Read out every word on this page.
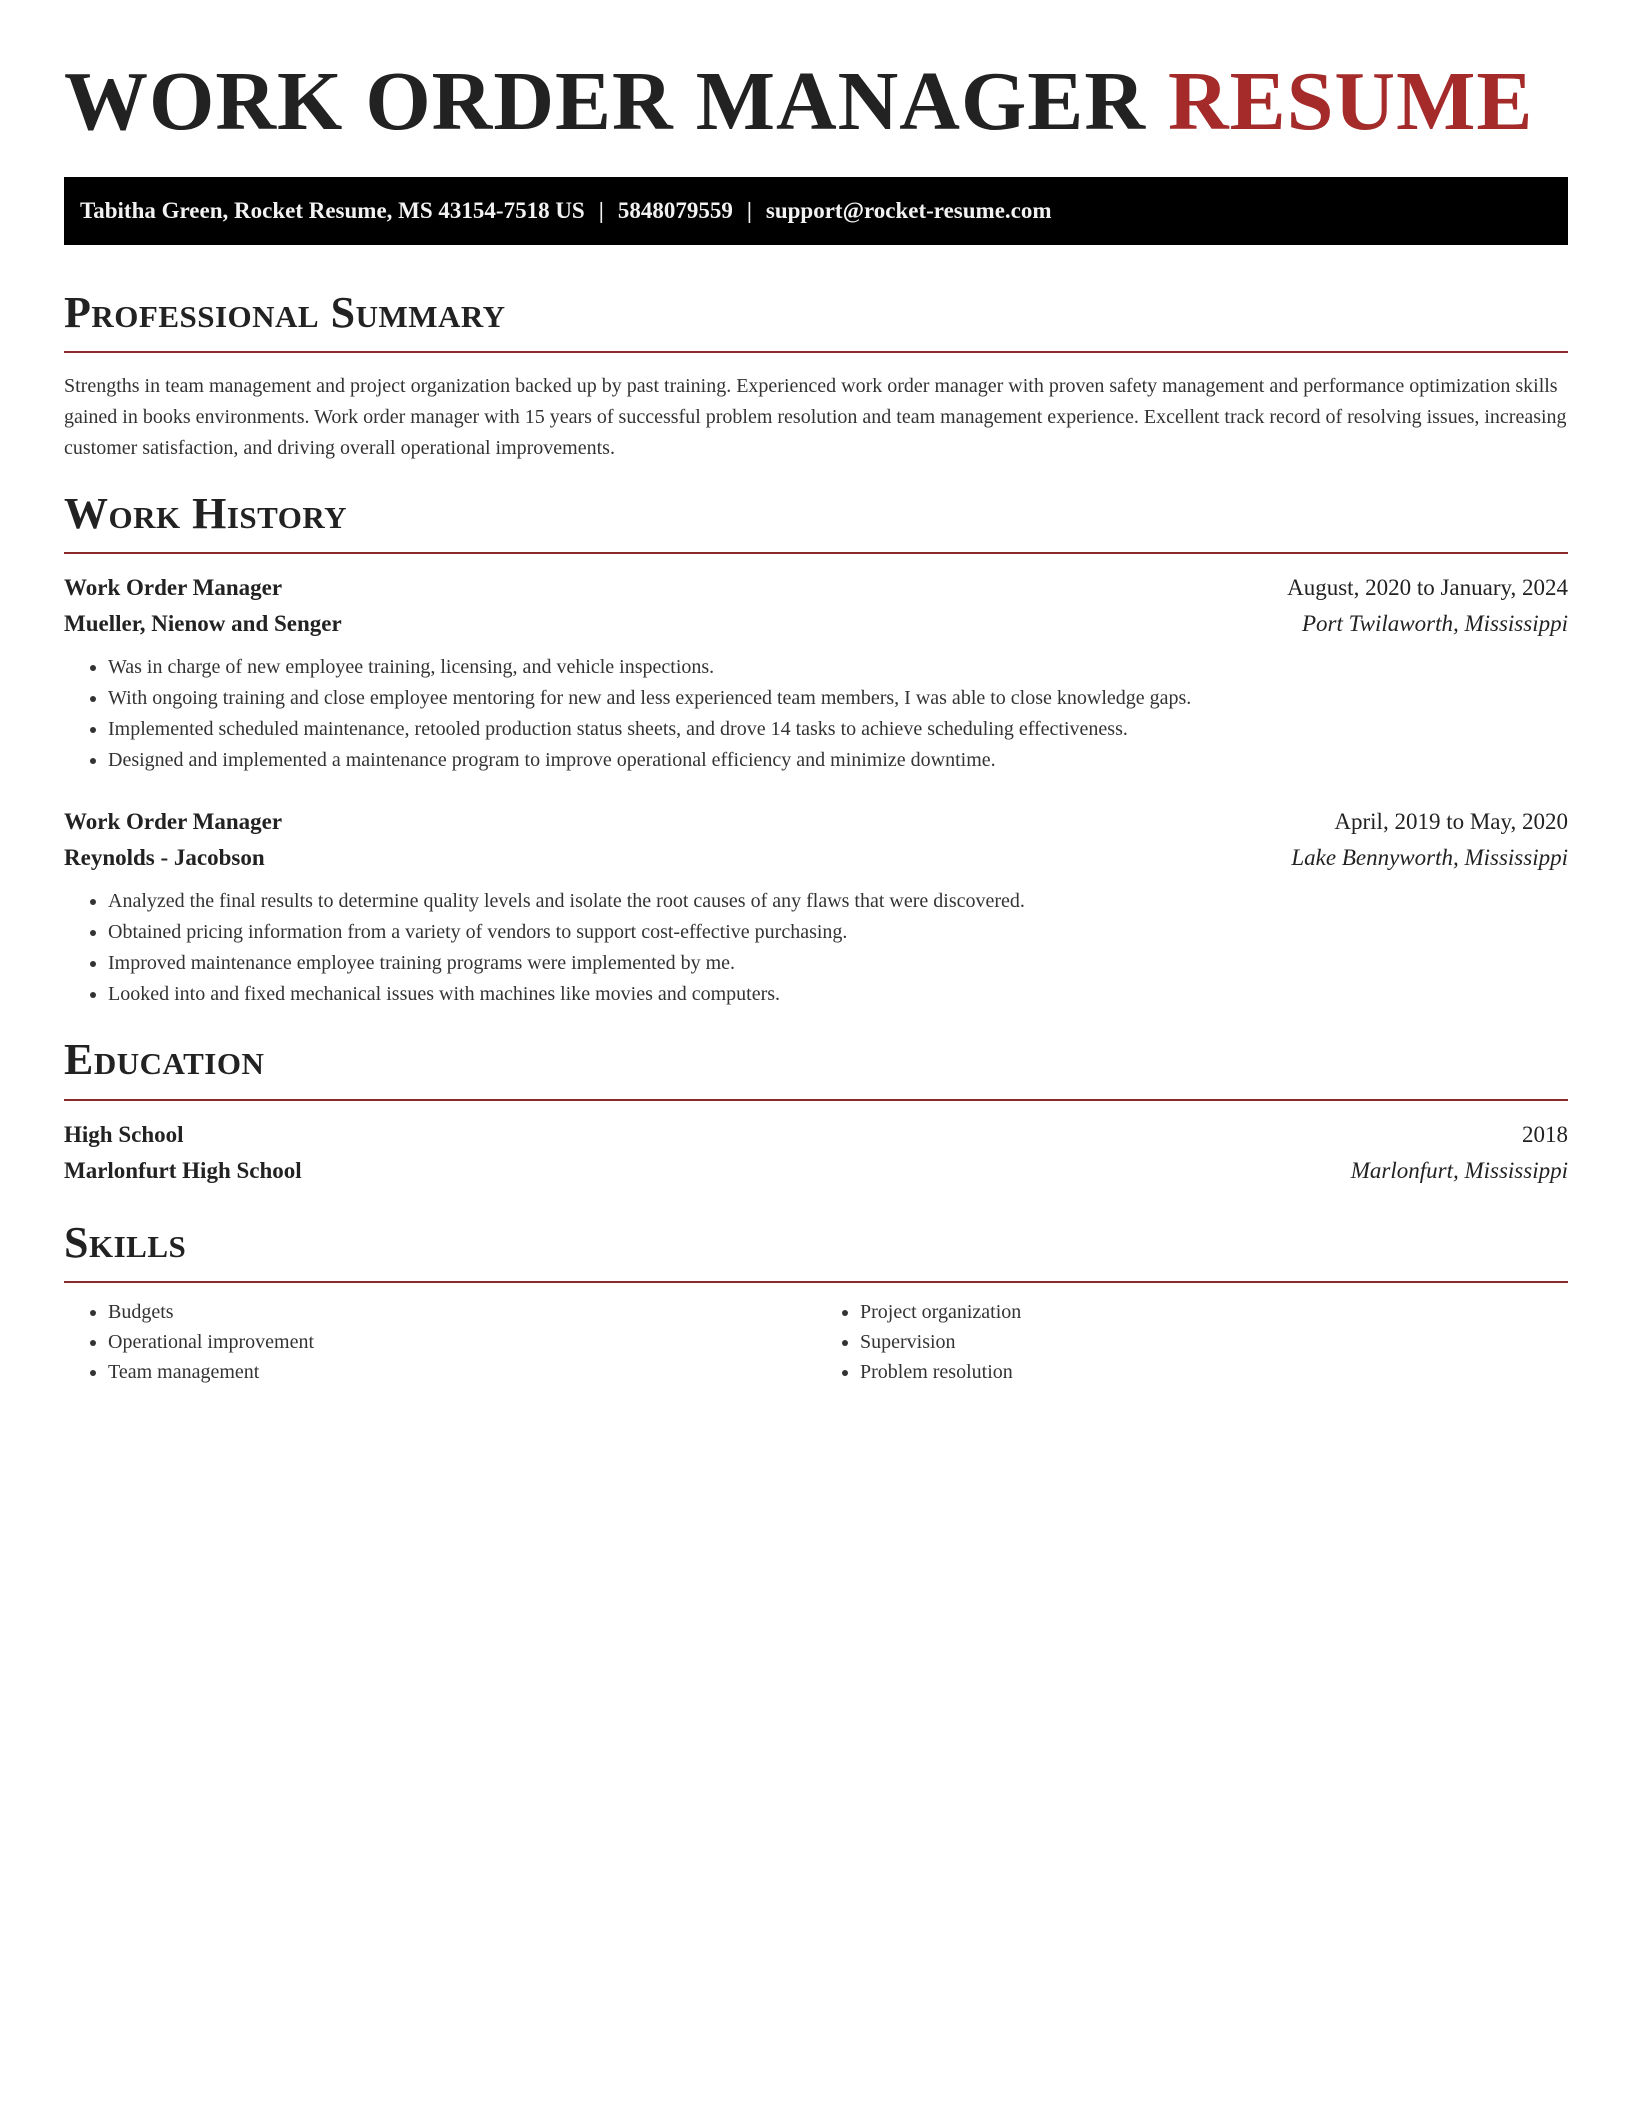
WORK ORDER MANAGER RESUME
Tabitha Green, Rocket Resume, MS 43154-7518 US | 5848079559 | support@rocket-resume.com
Professional Summary

Strengths in team management and project organization backed up by past training. Experienced work order manager with proven safety management and performance optimization skills gained in books environments. Work order manager with 15 years of successful problem resolution and team management experience. Excellent track record of resolving issues, increasing customer satisfaction, and driving overall operational improvements.

Work History
Work Order Manager	August, 2020 to January, 2024
Mueller, Nienow and Senger	Port Twilaworth, Mississippi
• Was in charge of new employee training, licensing, and vehicle inspections.
• With ongoing training and close employee mentoring for new and less experienced team members, I was able to close knowledge gaps.
• Implemented scheduled maintenance, retooled production status sheets, and drove 14 tasks to achieve scheduling effectiveness.
• Designed and implemented a maintenance program to improve operational efficiency and minimize downtime.
Work Order Manager	April, 2019 to May, 2020
Reynolds - Jacobson	Lake Bennyworth, Mississippi
• Analyzed the final results to determine quality levels and isolate the root causes of any flaws that were discovered.
• Obtained pricing information from a variety of vendors to support cost-effective purchasing.
• Improved maintenance employee training programs were implemented by me.
• Looked into and fixed mechanical issues with machines like movies and computers.
Education
High School	2018
Marlonfurt High School	Marlonfurt, Mississippi
Skills
• Budgets
• Operational improvement
• Team management
• Project organization
• Supervision
• Problem resolution
